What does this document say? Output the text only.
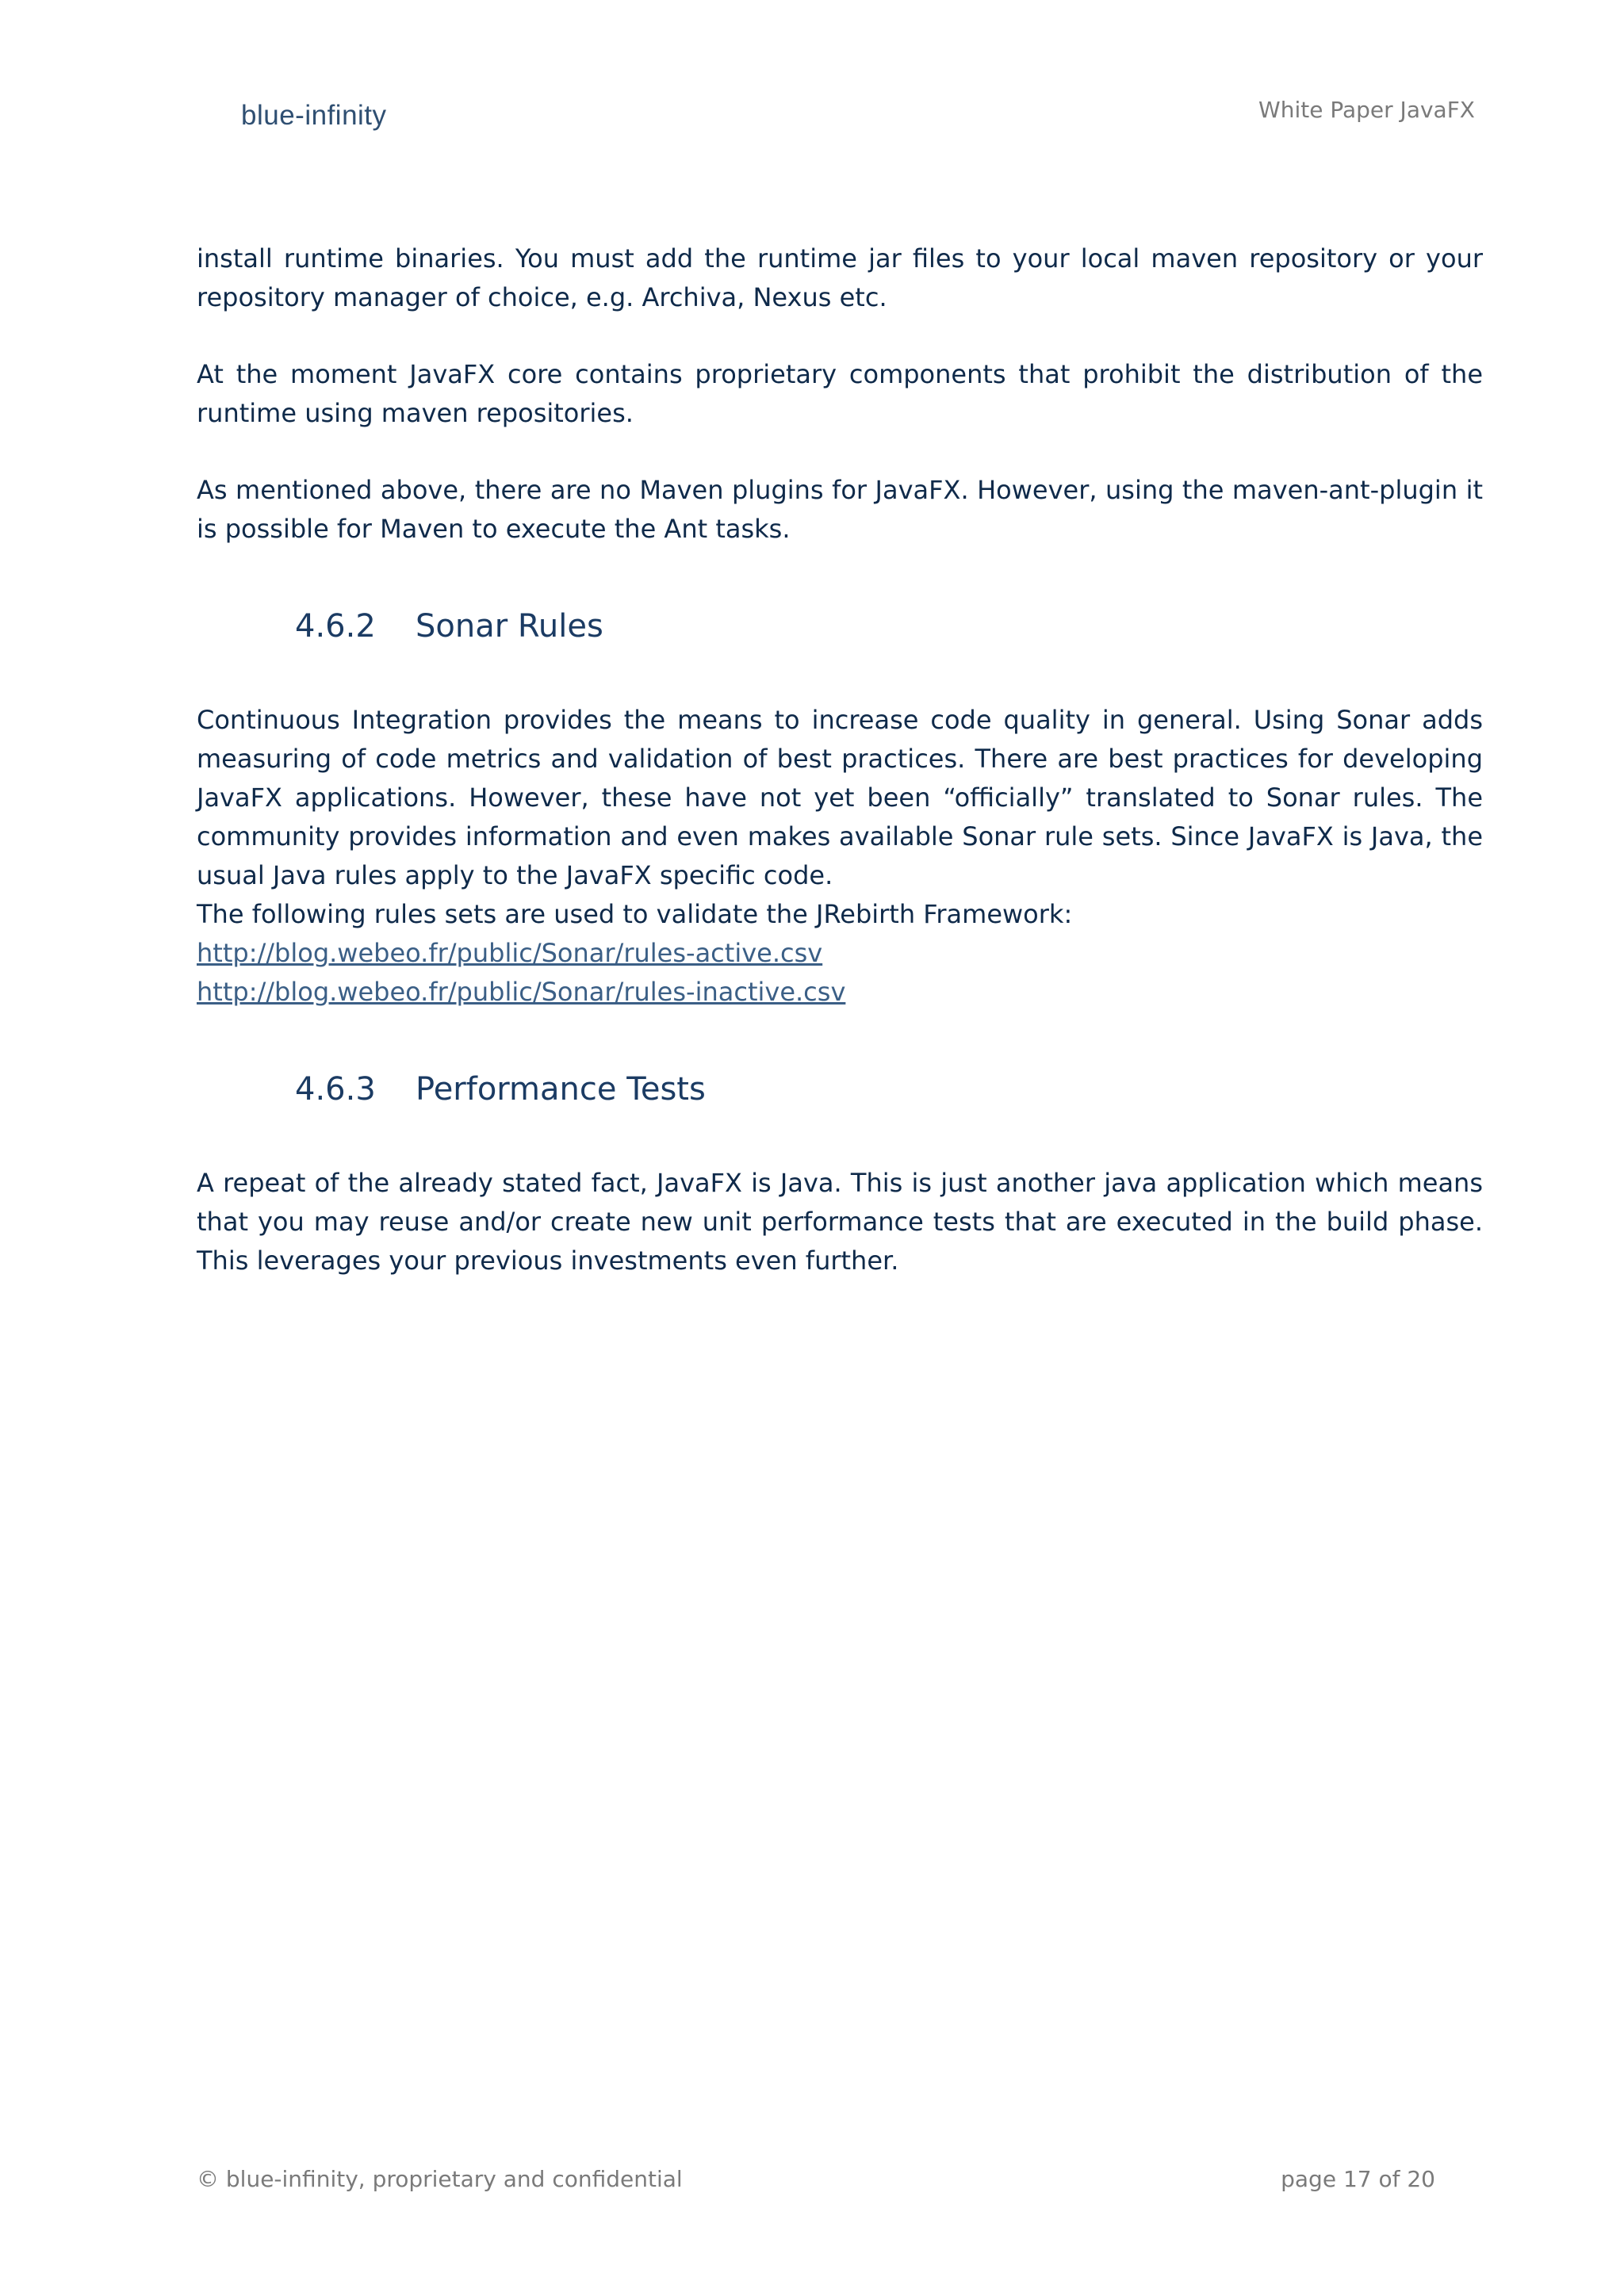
blue-infinity	White Paper JavaFX

install runtime binaries. You must add the runtime jar files to your local maven repository or your repository manager of choice, e.g. Archiva, Nexus etc.

At the moment JavaFX core contains proprietary components that prohibit the distribution of the runtime using maven repositories.

As mentioned above, there are no Maven plugins for JavaFX. However, using the maven-ant-plugin it is possible for Maven to execute the Ant tasks.

4.6.2	Sonar Rules

Continuous Integration provides the means to increase code quality in general. Using Sonar adds measuring of code metrics and validation of best practices. There are best practices for developing JavaFX applications. However, these have not yet been “officially” translated to Sonar rules. The community provides information and even makes available Sonar rule sets. Since JavaFX is Java, the usual Java rules apply to the JavaFX specific code.

The following rules sets are used to validate the JRebirth Framework:

http://blog.webeo.fr/public/Sonar/rules-active.csv
http://blog.webeo.fr/public/Sonar/rules-inactive.csv
4.6.3	Performance Tests

A repeat of the already stated fact, JavaFX is Java. This is just another java application which means that you may reuse and/or create new unit performance tests that are executed in the build phase. This leverages your previous investments even further.

© blue-infinity, proprietary and confidential	page 17 of 20
